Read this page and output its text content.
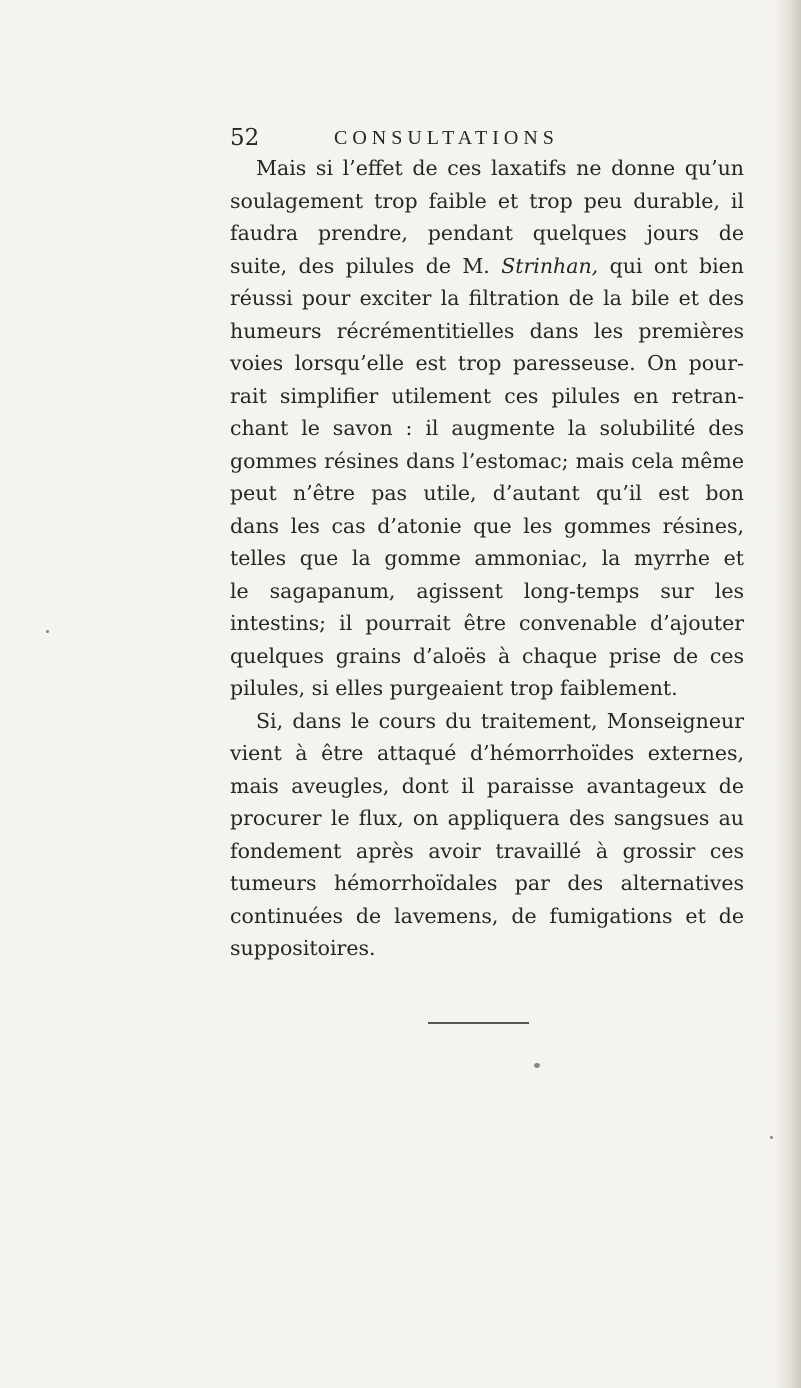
52	CONSULTATIONS

Mais si l’effet de ces laxatifs ne donne qu’un
soulagement trop faible et trop peu durable, il
faudra prendre, pendant quelques jours de
suite, des pilules de M. Strinhan, qui ont bien
réussi pour exciter la filtration de la bile et des
humeurs récrémentitielles dans les premières
voies lorsqu’elle est trop paresseuse. On pour-
rait simplifier utilement ces pilules en retran-
chant le savon : il augmente la solubilité des
gommes résines dans l’estomac; mais cela même
peut n’être pas utile, d’autant qu’il est bon
dans les cas d’atonie que les gommes résines,
telles que la gomme ammoniac, la myrrhe et
le sagapanum, agissent long-temps sur les
intestins; il pourrait être convenable d’ajouter
quelques grains d’aloës à chaque prise de ces
pilules, si elles purgeaient trop faiblement.

Si, dans le cours du traitement, Monseigneur
vient à être attaqué d’hémorrhoïdes externes,
mais aveugles, dont il paraisse avantageux de
procurer le flux, on appliquera des sangsues au
fondement après avoir travaillé à grossir ces
tumeurs hémorrhoïdales par des alternatives
continuées de lavemens, de fumigations et de
suppositoires.
